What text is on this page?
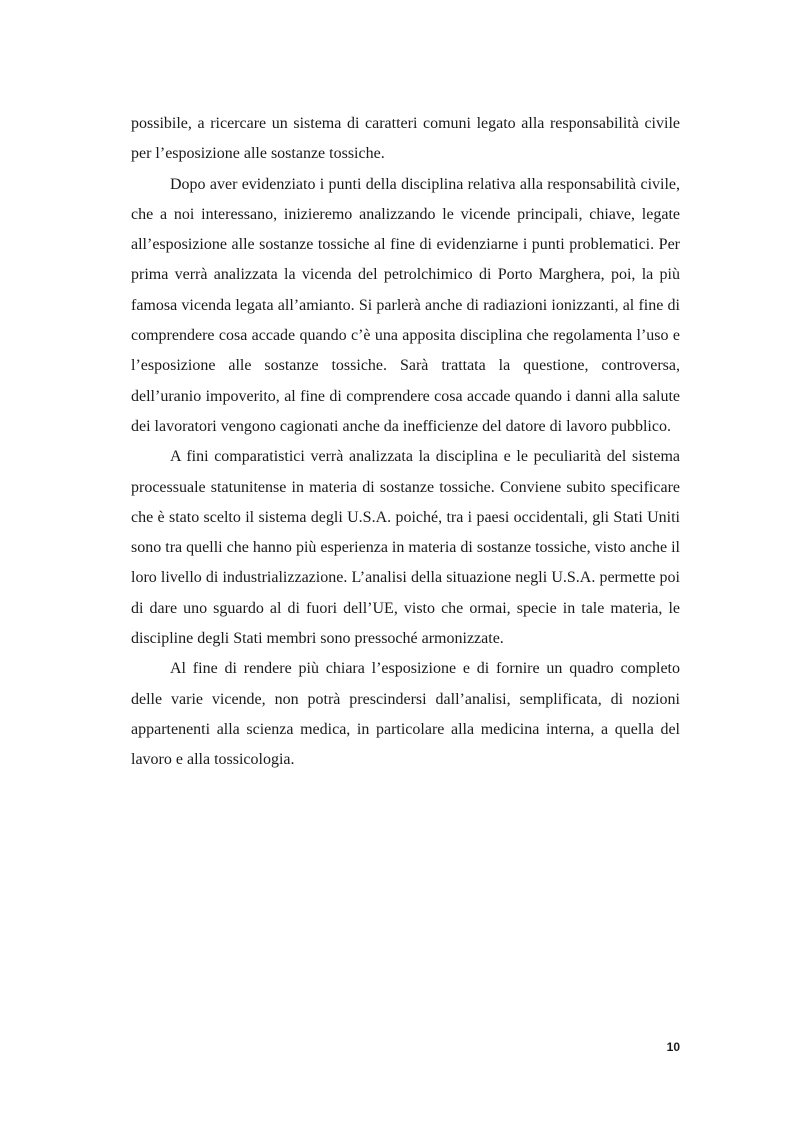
possibile, a ricercare un sistema di caratteri comuni legato alla responsabilità civile per l’esposizione alle sostanze tossiche.

Dopo aver evidenziato i punti della disciplina relativa alla responsabilità civile, che a noi interessano, inizieremo analizzando le vicende principali, chiave, legate all’esposizione alle sostanze tossiche al fine di evidenziarne i punti problematici. Per prima verrà analizzata la vicenda del petrolchimico di Porto Marghera, poi, la più famosa vicenda legata all’amianto. Si parlerà anche di radiazioni ionizzanti, al fine di comprendere cosa accade quando c’è una apposita disciplina che regolamenta l’uso e l’esposizione alle sostanze tossiche. Sarà trattata la questione, controversa, dell’uranio impoverito, al fine di comprendere cosa accade quando i danni alla salute dei lavoratori vengono cagionati anche da inefficienze del datore di lavoro pubblico.

A fini comparatistici verrà analizzata la disciplina e le peculiarità del sistema processuale statunitense in materia di sostanze tossiche. Conviene subito specificare che è stato scelto il sistema degli U.S.A. poiché, tra i paesi occidentali, gli Stati Uniti sono tra quelli che hanno più esperienza in materia di sostanze tossiche, visto anche il loro livello di industrializzazione. L’analisi della situazione negli U.S.A. permette poi di dare uno sguardo al di fuori dell’UE, visto che ormai, specie in tale materia, le discipline degli Stati membri sono pressoché armonizzate.

Al fine di rendere più chiara l’esposizione e di fornire un quadro completo delle varie vicende, non potrà prescindersi dall’analisi, semplificata, di nozioni appartenenti alla scienza medica, in particolare alla medicina interna, a quella del lavoro e alla tossicologia.

10
